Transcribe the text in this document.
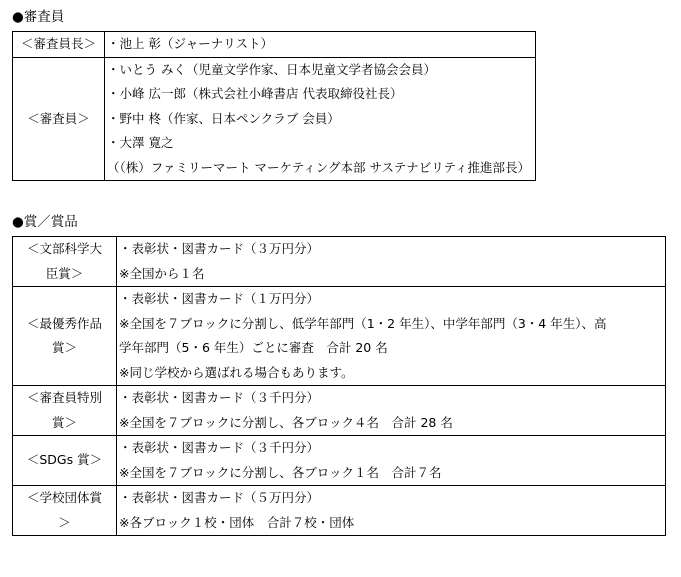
●審査員
＜審査員長＞	・池上 彰（ジャーナリスト）
＜審査員＞	・いとう みく（児童文学作家、日本児童文学者協会会員）
・小峰 広一郎（株式会社小峰書店 代表取締役社長）
・野中 柊（作家、日本ペンクラブ 会員）
・大澤 寛之
（（株）ファミリーマート マーケティング本部 サステナビリティ推進部長）
●賞／賞品
＜文部科学大
臣賞＞	・表彰状・図書カード（３万円分）
※全国から１名

＜最優秀作品
賞＞	・表彰状・図書カード（１万円分）
※全国を７ブロックに分割し、低学年部門（1・2 年生）、中学年部門（3・4 年生）、高
学年部門（5・6 年生）ごとに審査　合計 20 名
※同じ学校から選ばれる場合もあります。

＜審査員特別
賞＞	・表彰状・図書カード（３千円分）
※全国を７ブロックに分割し、各ブロック４名　合計 28 名

＜SDGs 賞＞	・表彰状・図書カード（３千円分）
※全国を７ブロックに分割し、各ブロック１名　合計７名

＜学校団体賞
＞	・表彰状・図書カード（５万円分）
※各ブロック１校・団体　合計７校・団体
